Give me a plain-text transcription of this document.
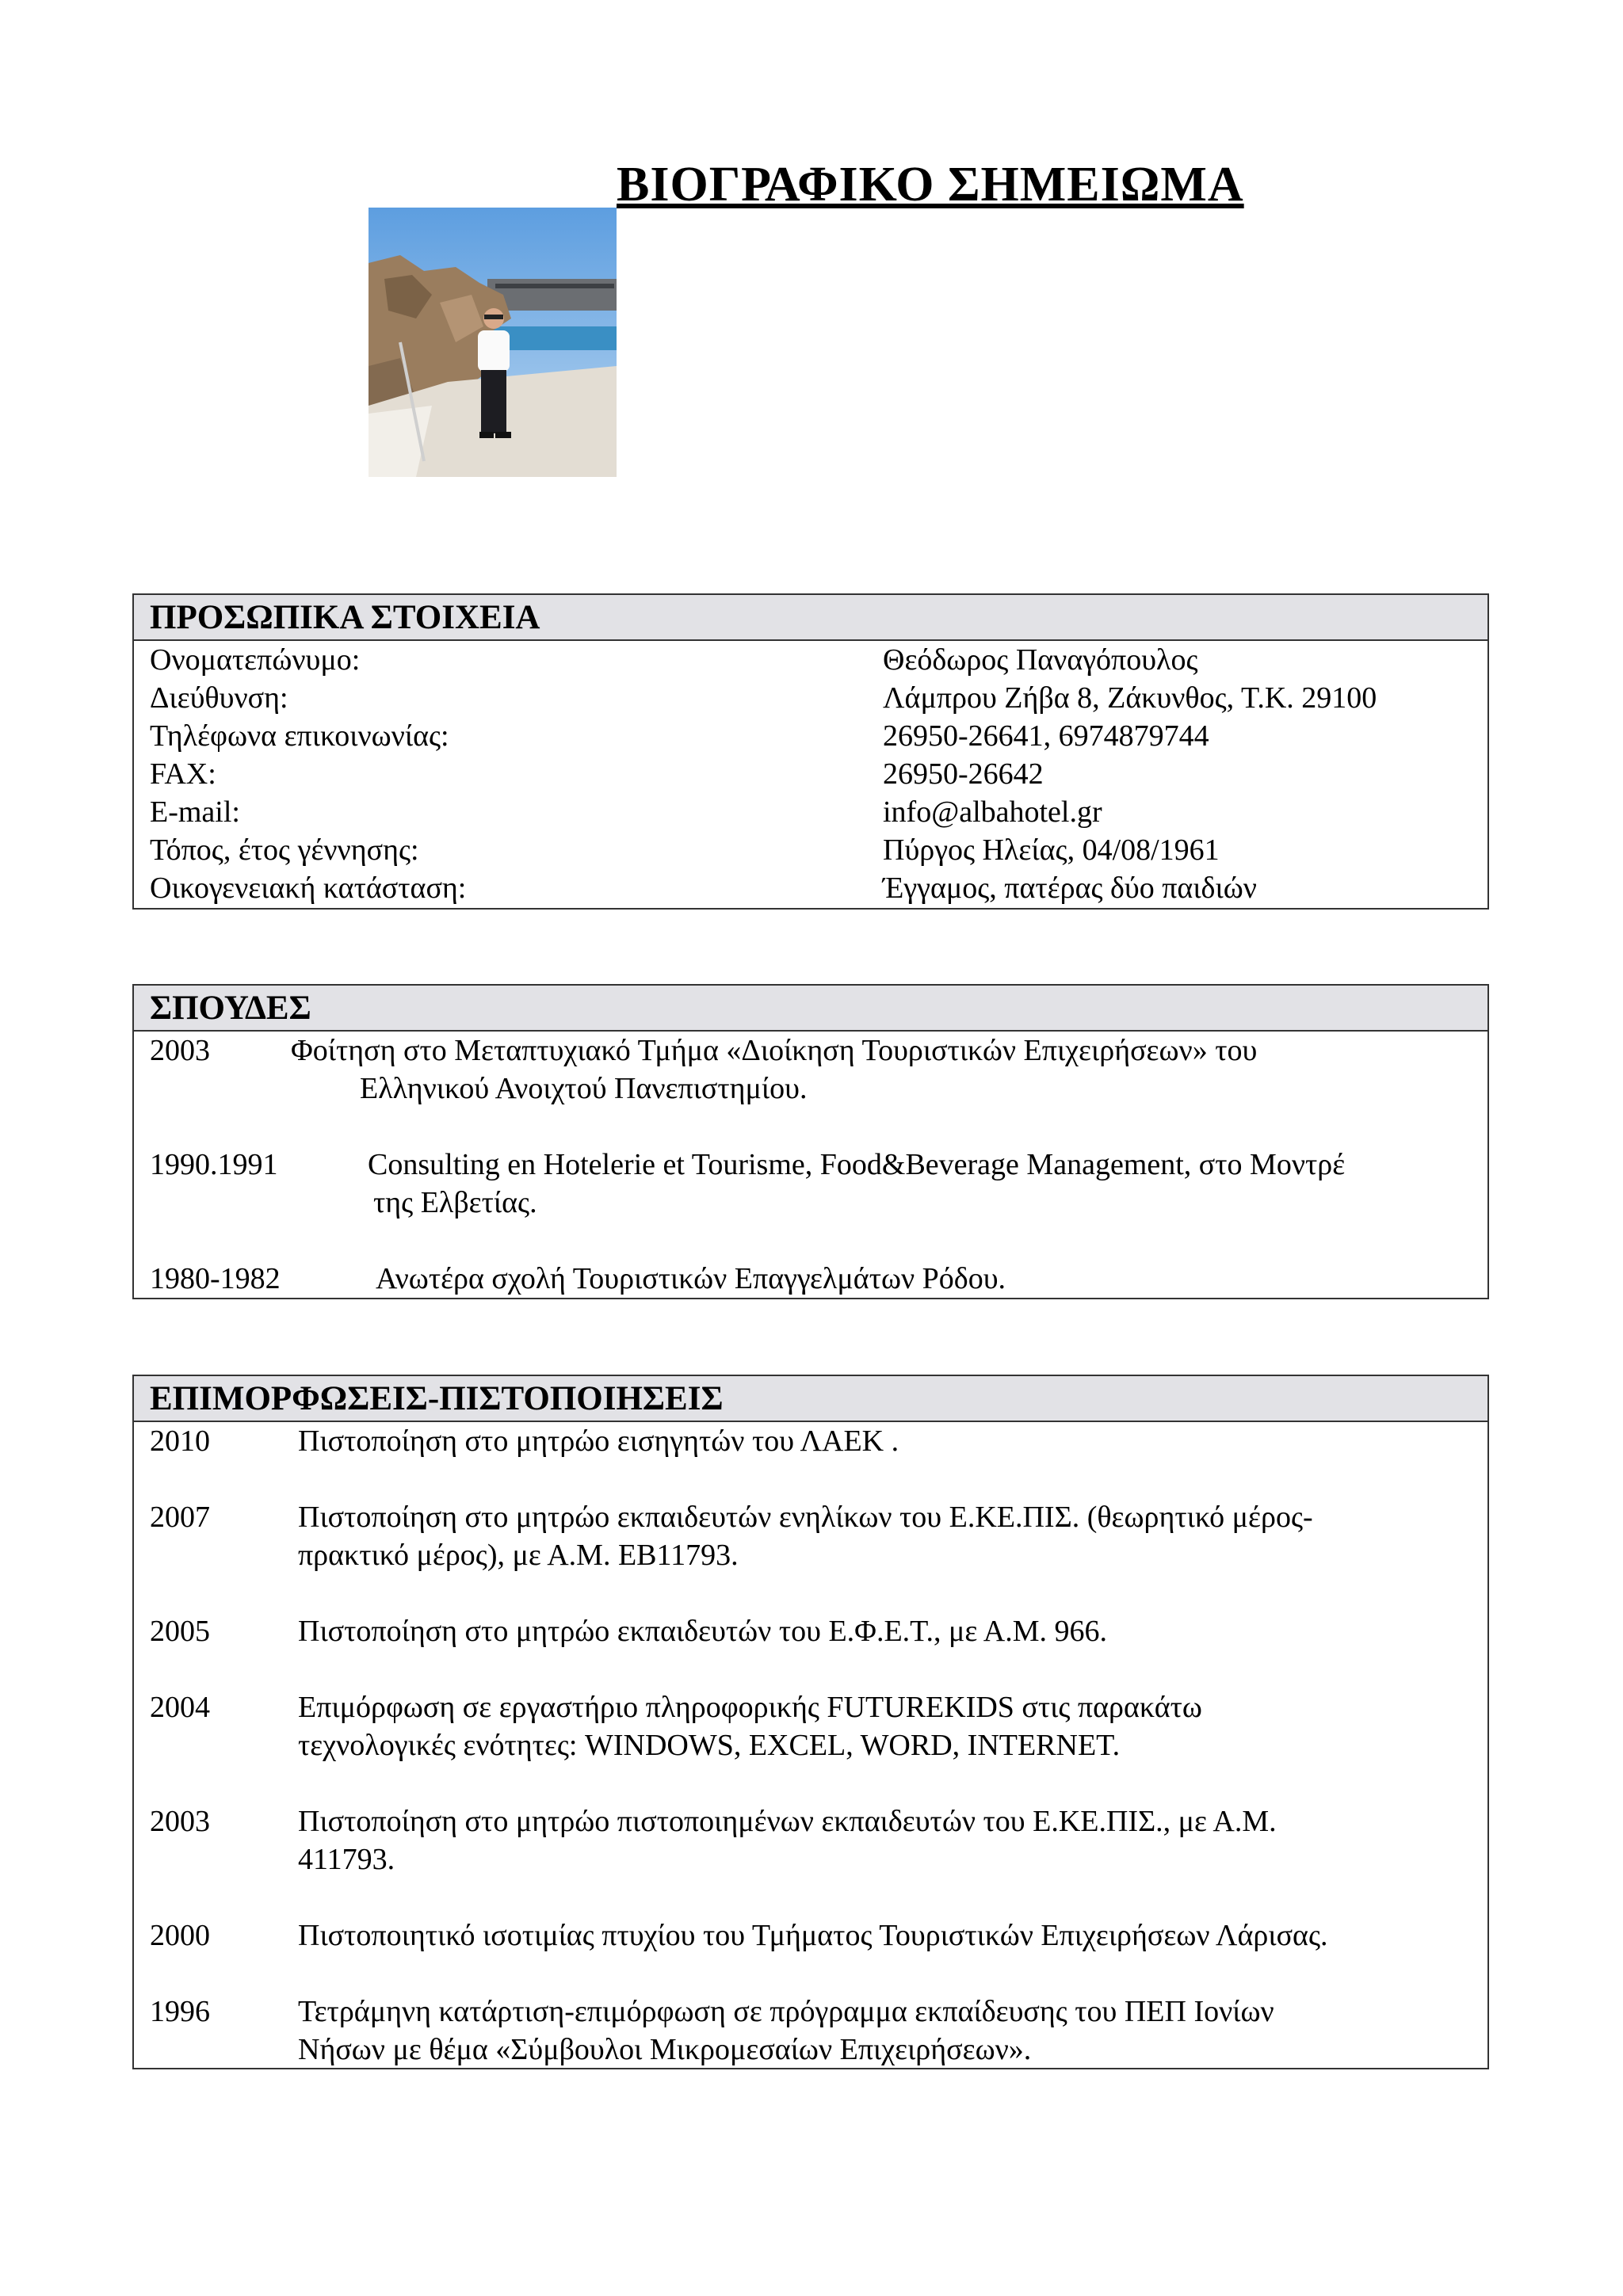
ΒΙΟΓΡΑΦΙΚΟ ΣΗΜΕΙΩΜΑ
ΠΡΟΣΩΠΙΚΑ ΣΤΟΙΧΕΙΑ
Ονοματεπώνυμο:	Θεόδωρος Παναγόπουλος
Διεύθυνση:	Λάμπρου Ζήβα 8, Ζάκυνθος, Τ.Κ. 29100
Τηλέφωνα επικοινωνίας:	26950-26641, 6974879744
FAX:	26950-26642
E-mail:	info@albahotel.gr
Τόπος, έτος γέννησης:	Πύργος Ηλείας, 04/08/1961
Οικογενειακή κατάσταση:	Έγγαμος, πατέρας δύο παιδιών
ΣΠΟΥΔΕΣ
2003	Φοίτηση στο Μεταπτυχιακό Τμήμα «Διοίκηση Τουριστικών Επιχειρήσεων» του
Ελληνικού Ανοιχτού Πανεπιστημίου.
1990.1991	Consulting en Hotelerie et Tourisme, Food&Beverage Management, στο Μοντρέ
της Ελβετίας.
1980-1982	Ανωτέρα σχολή Τουριστικών Επαγγελμάτων Ρόδου.
ΕΠΙΜΟΡΦΩΣΕΙΣ-ΠΙΣΤΟΠΟΙΗΣΕΙΣ
2010	Πιστοποίηση στο μητρώο εισηγητών του ΛΑΕΚ .
2007	Πιστοποίηση στο μητρώο εκπαιδευτών ενηλίκων του Ε.ΚΕ.ΠΙΣ. (θεωρητικό μέρος-
πρακτικό μέρος), με Α.Μ. ΕΒ11793.
2005	Πιστοποίηση στο μητρώο εκπαιδευτών του Ε.Φ.Ε.Τ., με Α.Μ. 966.
2004	Επιμόρφωση σε εργαστήριο πληροφορικής FUTUREKIDS στις παρακάτω
τεχνολογικές ενότητες: WINDOWS, EXCEL, WORD, INTERNET.
2003	Πιστοποίηση στο μητρώο πιστοποιημένων εκπαιδευτών του Ε.ΚΕ.ΠΙΣ., με Α.Μ.
411793.
2000	Πιστοποιητικό ισοτιμίας πτυχίου του Τμήματος Τουριστικών Επιχειρήσεων Λάρισας.
1996	Τετράμηνη κατάρτιση-επιμόρφωση σε πρόγραμμα εκπαίδευσης του ΠΕΠ Ιονίων
Νήσων με θέμα «Σύμβουλοι Μικρομεσαίων Επιχειρήσεων».
